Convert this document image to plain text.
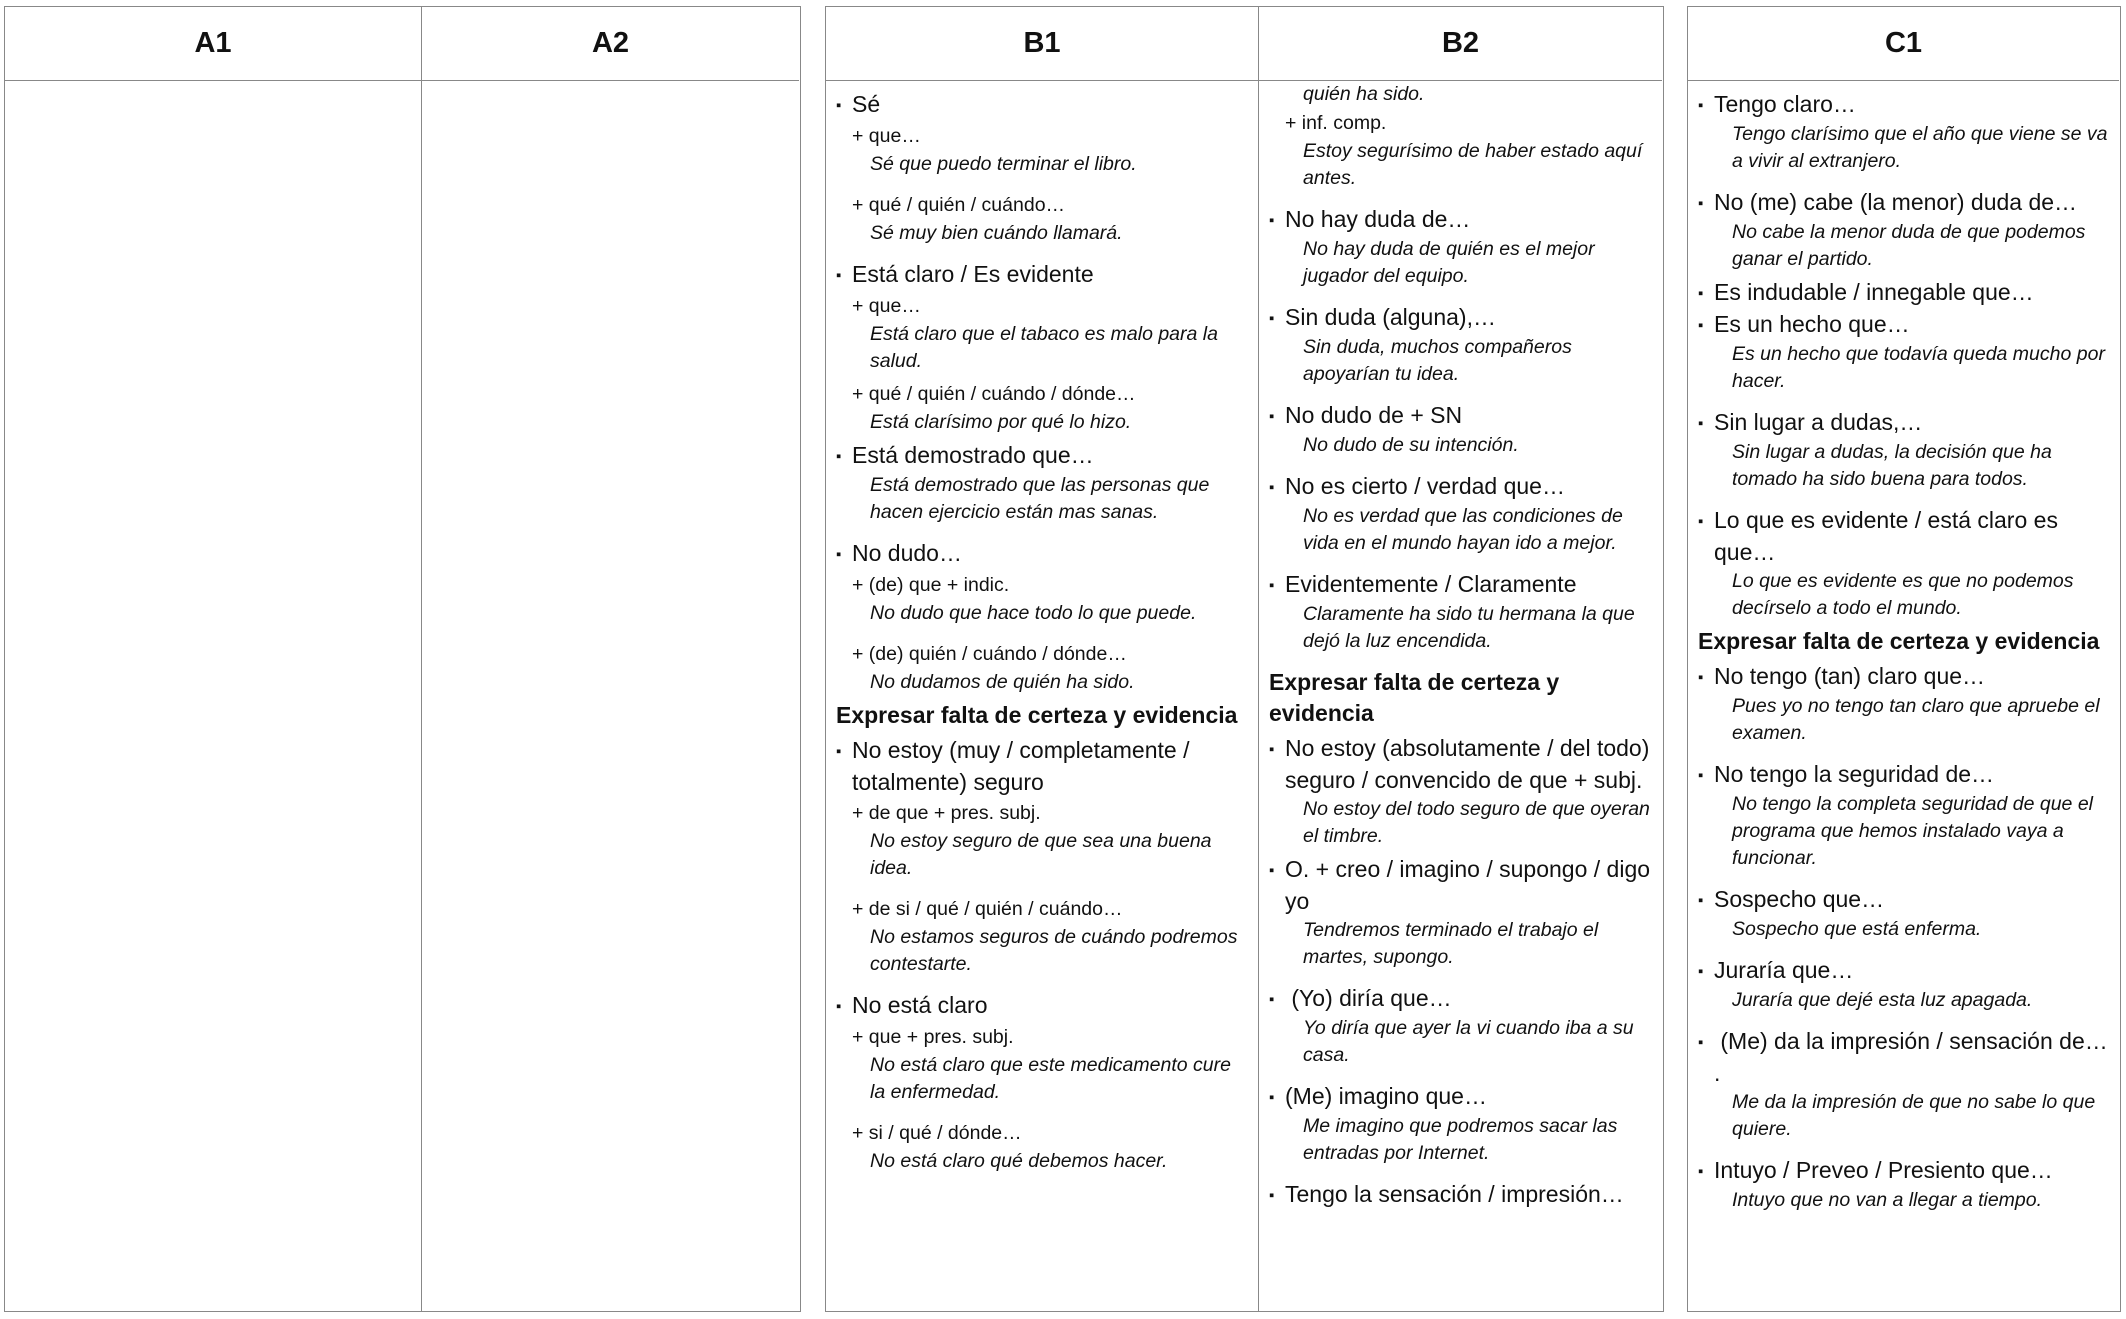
A1	A2	B1

▪ Sé

+ que…

Sé que puedo terminar el libro.

+ qué / quién / cuándo…

Sé muy bien cuándo llamará.

▪ Está claro / Es evidente

+ que…

Está claro que el tabaco es malo para la salud.

+ qué / quién / cuándo / dónde…

Está clarísimo por qué lo hizo.

▪ Está demostrado que…

Está demostrado que las personas que hacen ejercicio están mas sanas.

▪ No dudo…

+ (de) que + indic.

No dudo que hace todo lo que puede.

+ (de) quién / cuándo / dónde…

No dudamos de quién ha sido.

Expresar falta de certeza y evidencia

▪ No estoy (muy / completamente / totalmente) seguro

+ de que + pres. subj.

No estoy seguro de que sea una buena idea.

+ de si / qué / quién / cuándo…

No estamos seguros de cuándo podremos contestarte.

▪ No está claro

+ que + pres. subj.

No está claro que este medicamento cure la enfermedad.

+ si / qué / dónde…

No está claro qué debemos hacer.

B2

quién ha sido.

+ inf. comp.

Estoy segurísimo de haber estado aquí antes.

▪ No hay duda de…

No hay duda de quién es el mejor jugador del equipo.

▪ Sin duda (alguna),…

Sin duda, muchos compañeros apoyarían tu idea.

▪ No dudo de + SN

No dudo de su intención.

▪ No es cierto / verdad que…

No es verdad que las condiciones de vida en el mundo hayan ido a mejor.

▪ Evidentemente / Claramente

Claramente ha sido tu hermana la que dejó la luz encendida.

Expresar falta de certeza y evidencia

▪ No estoy (absolutamente / del todo) seguro / convencido de que + subj.

No estoy del todo seguro de que oyeran el timbre.

▪ O. + creo / imagino / supongo / digo yo

Tendremos terminado el trabajo el martes, supongo.

▪ (Yo) diría que…

Yo diría que ayer la vi cuando iba a su casa.

▪ (Me) imagino que…

Me imagino que podremos sacar las entradas por Internet.

▪ Tengo la sensación / impresión…

C1

▪ Tengo claro…

Tengo clarísimo que el año que viene se va a vivir al extranjero.

▪ No (me) cabe (la menor) duda de…

No cabe la menor duda de que podemos ganar el partido.

▪ Es indudable / innegable que…

▪ Es un hecho que…

Es un hecho que todavía queda mucho por hacer.

▪ Sin lugar a dudas,…

Sin lugar a dudas, la decisión que ha tomado ha sido buena para todos.

▪ Lo que es evidente / está claro es que…

Lo que es evidente es que no podemos decírselo a todo el mundo.

Expresar falta de certeza y evidencia

▪ No tengo (tan) claro que…

Pues yo no tengo tan claro que apruebe el examen.

▪ No tengo la seguridad de…

No tengo la completa seguridad de que el programa que hemos instalado vaya a funcionar.

▪ Sospecho que…

Sospecho que está enferma.

▪ Juraría que…

Juraría que dejé esta luz apagada.

▪ (Me) da la impresión / sensación de… .

Me da la impresión de que no sabe lo que quiere.

▪ Intuyo / Preveo / Presiento que…

Intuyo que no van a llegar a tiempo.
